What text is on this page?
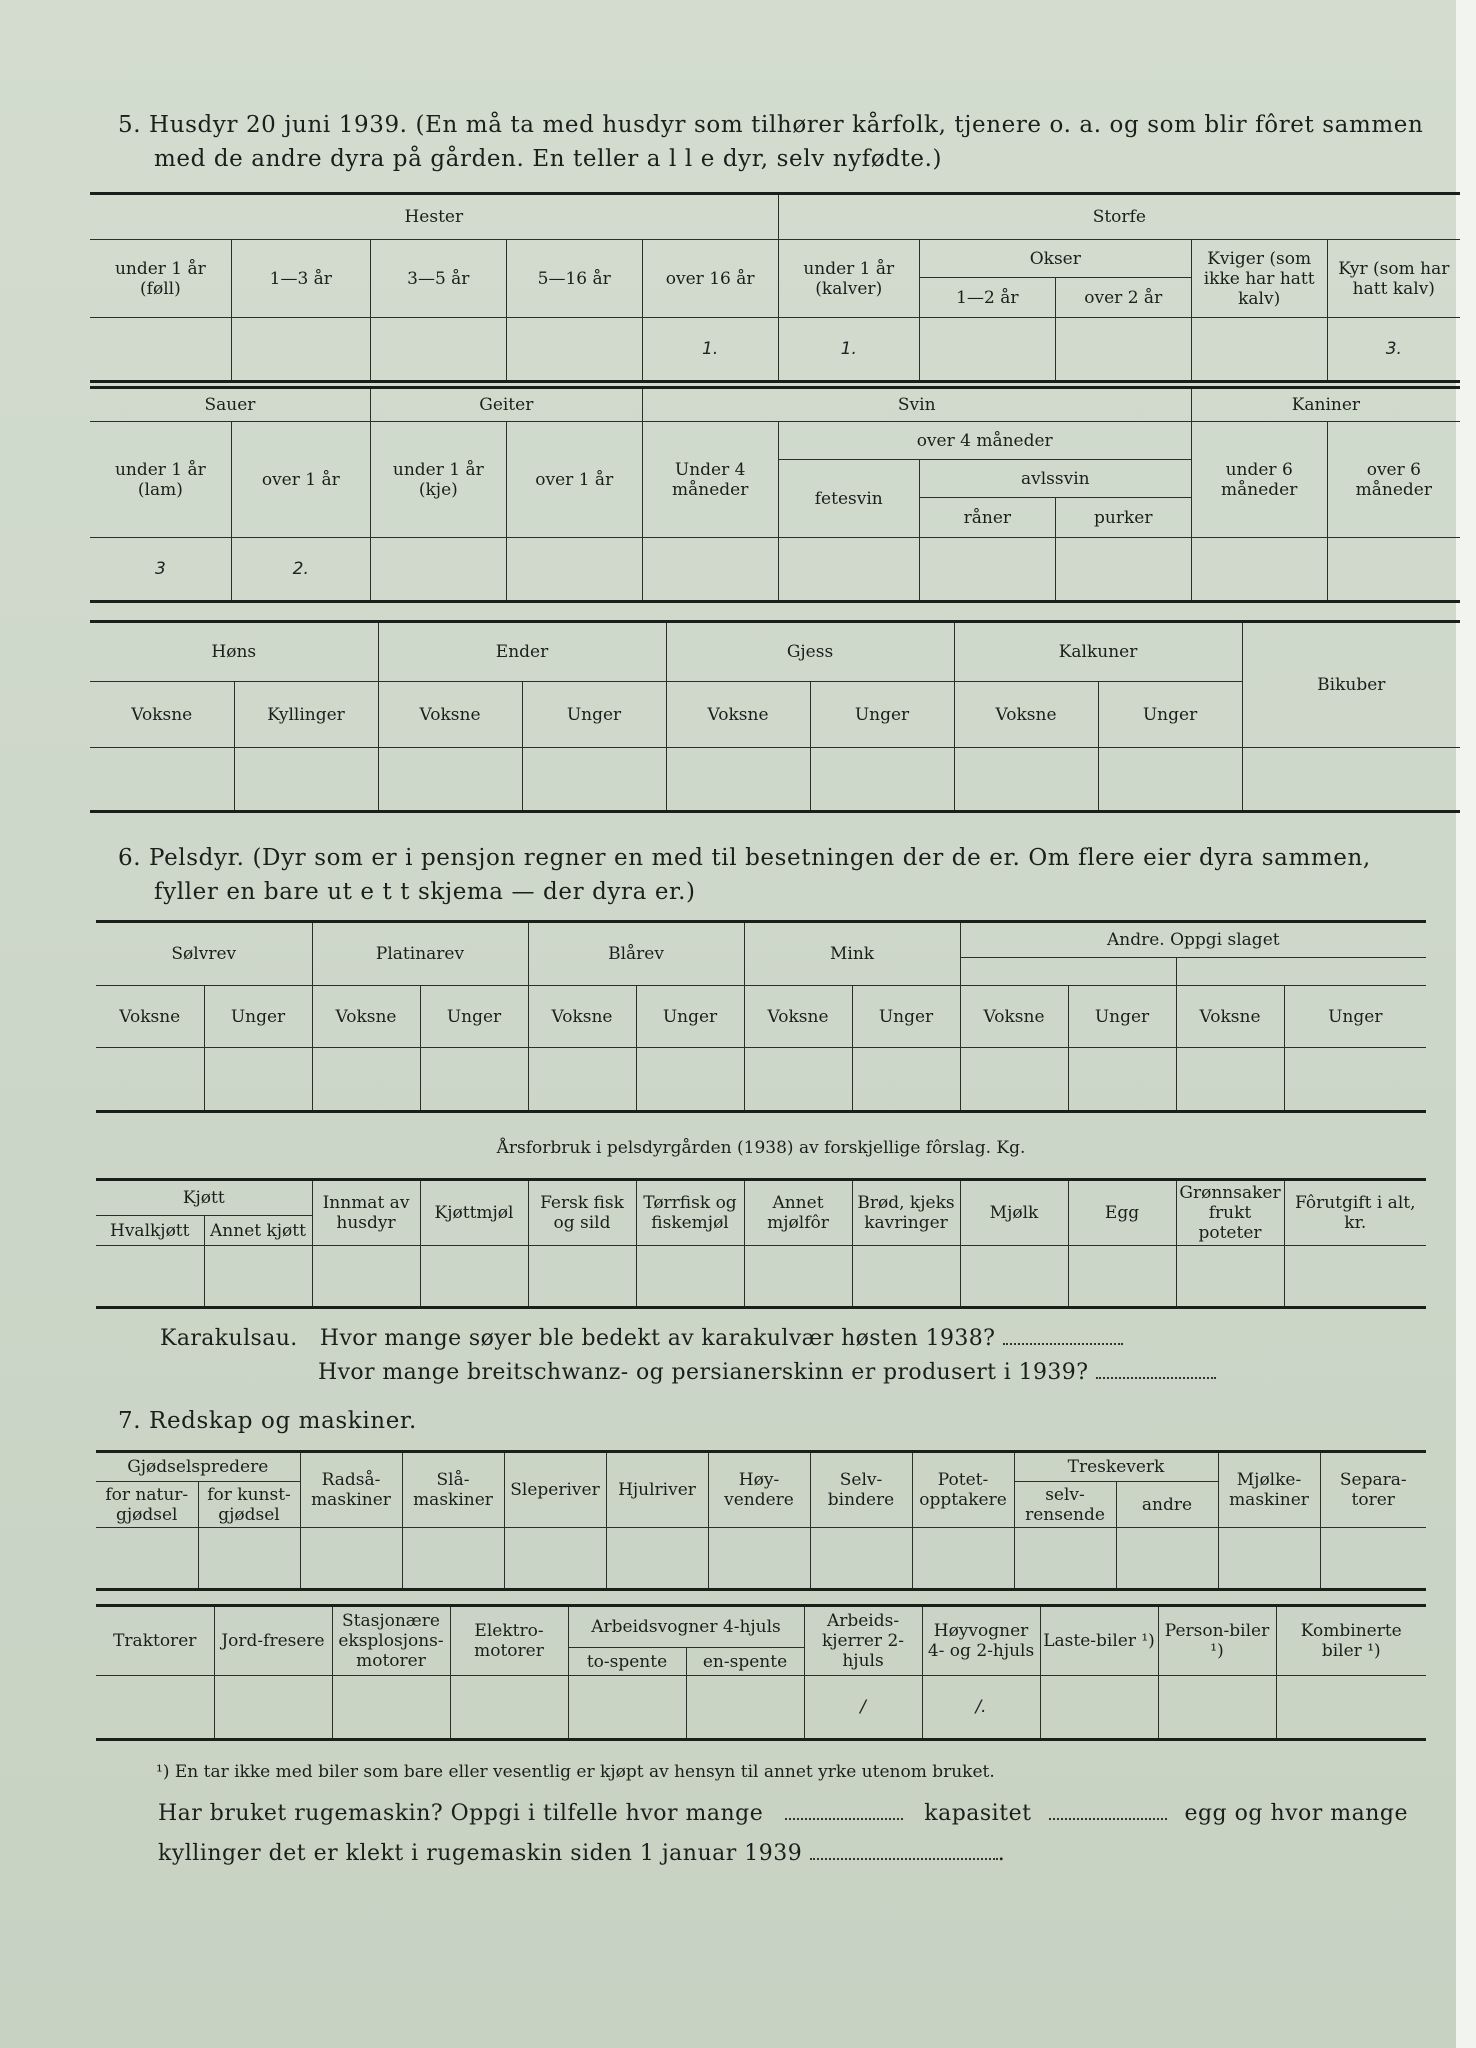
5. Husdyr 20 juni 1939. (En må ta med husdyr som tilhører kårfolk, tjenere o. a. og som blir fôret sammen
med de andre dyra på gården. En teller a l l e dyr, selv nyfødte.)
Hester					Storfe				
under 1 år (føll)	1—3 år	3—5 år	5—16 år	over 16 år	under 1 år (kalver)	Okser		Kviger (som ikke har hatt kalv)	Kyr (som har hatt kalv)
						1—2 år	over 2 år		
				1.	1.				3.
Sauer		Geiter		Svin				Kaniner	
under 1 år (lam)	over 1 år	under 1 år (kje)	over 1 år	Under 4 måneder	over 4 måneder			under 6 måneder	over 6 måneder
					fetesvin	avlssvin			
						råner	purker		
3	2.								
Høns		Ender		Gjess		Kalkuner		Bikuber
Voksne	Kyllinger	Voksne	Unger	Voksne	Unger	Voksne	Unger	

6. Pelsdyr. (Dyr som er i pensjon regner en med til besetningen der de er. Om flere eier dyra sammen,
fyller en bare ut e t t skjema — der dyra er.)
Sølvrev		Platinarev		Blårev		Mink		Andre. Oppgi slaget			

Voksne	Unger	Voksne	Unger	Voksne	Unger	Voksne	Unger	Voksne	Unger	Voksne	Unger

Årsforbruk i pelsdyrgården (1938) av forskjellige fôrslag. Kg.
Kjøtt		Innmat av husdyr	Kjøttmjøl	Fersk fisk og sild	Tørrfisk og fiskemjøl	Annet mjølfôr	Brød, kjeks kavringer	Mjølk	Egg	Grønnsaker frukt poteter	Fôrutgift i alt, kr.
Hvalkjøtt	Annet kjøtt										

Karakulsau. Hvor mange søyer ble bedekt av karakulvær høsten 1938?
Hvor mange breitschwanz- og persianerskinn er produsert i 1939?
7. Redskap og maskiner.
Gjødselspredere		Radså-maskiner	Slå-maskiner	Sleperiver	Hjulriver	Høy-vendere	Selv-bindere	Potet-opptakere	Treskeverk		Mjølke-maskiner	Separa-torer
for natur-gjødsel	for kunst-gjødsel								selv-rensende	andre		

Traktorer	Jord-freserе	Stasjonære eksplosjons-motorer	Elektro-motorer	Arbeidsvogner 4-hjuls		Arbeids-kjerrer 2-hjuls	Høyvogner 4- og 2-hjuls	Laste-biler ¹)	Person-biler ¹)	Kombinerte biler ¹)
				to-spente	en-spente					
						/	/.			
¹) En tar ikke med biler som bare eller vesentlig er kjøpt av hensyn til annet yrke utenom bruket.
Har bruket rugemaskin? Oppgi i tilfelle hvor mange	kapasitet	egg og hvor mange
kyllinger det er klekt i rugemaskin siden 1 januar 1939	.
